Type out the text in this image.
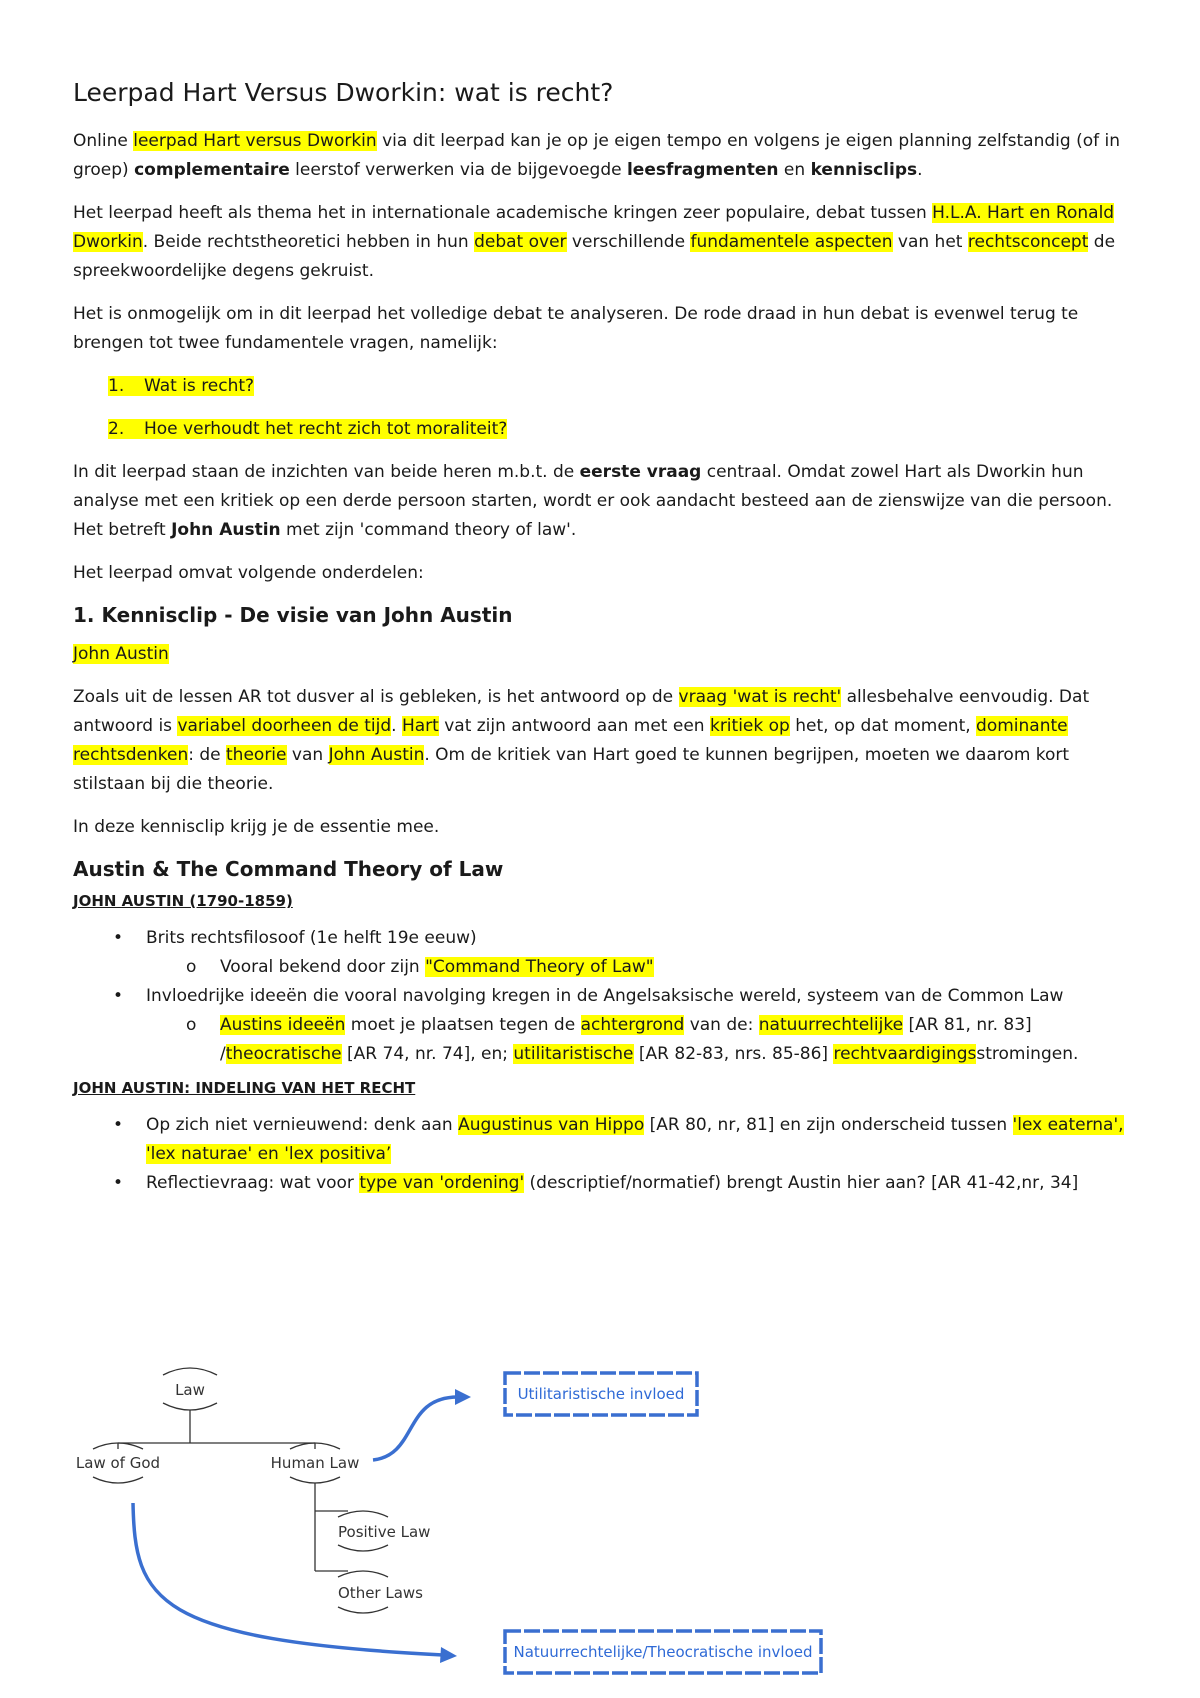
Leerpad Hart Versus Dworkin: wat is recht?

Online leerpad Hart versus Dworkin via dit leerpad kan je op je eigen tempo en volgens je eigen planning zelfstandig (of in groep) complementaire leerstof verwerken via de bijgevoegde leesfragmenten en kennisclips.

Het leerpad heeft als thema het in internationale academische kringen zeer populaire, debat tussen H.L.A. Hart en Ronald Dworkin. Beide rechtstheoretici hebben in hun debat over verschillende fundamentele aspecten van het rechtsconcept de spreekwoordelijke degens gekruist.

Het is onmogelijk om in dit leerpad het volledige debat te analyseren. De rode draad in hun debat is evenwel terug te brengen tot twee fundamentele vragen, namelijk:

1. Wat is recht?
2. Hoe verhoudt het recht zich tot moraliteit?

In dit leerpad staan de inzichten van beide heren m.b.t. de eerste vraag centraal. Omdat zowel Hart als Dworkin hun analyse met een kritiek op een derde persoon starten, wordt er ook aandacht besteed aan de zienswijze van die persoon. Het betreft John Austin met zijn 'command theory of law'.

Het leerpad omvat volgende onderdelen:

1. Kennisclip - De visie van John Austin
John Austin

Zoals uit de lessen AR tot dusver al is gebleken, is het antwoord op de vraag 'wat is recht' allesbehalve eenvoudig. Dat antwoord is variabel doorheen de tijd. Hart vat zijn antwoord aan met een kritiek op het, op dat moment, dominante rechtsdenken: de theorie van John Austin. Om de kritiek van Hart goed te kunnen begrijpen, moeten we daarom kort stilstaan bij die theorie.

In deze kennisclip krijg je de essentie mee.

Austin & The Command Theory of Law
JOHN AUSTIN (1790-1859)
• Brits rechtsfilosoof (1e helft 19e eeuw)
o Vooral bekend door zijn "Command Theory of Law"
• Invloedrijke ideeën die vooral navolging kregen in de Angelsaksische wereld, systeem van de Common Law
o Austins ideeën moet je plaatsen tegen de achtergrond van de: natuurrechtelijke [AR 81, nr. 83] /theocratische [AR 74, nr. 74], en; utilitaristische [AR 82-83, nrs. 85-86] rechtvaardigingsstromingen.
JOHN AUSTIN: INDELING VAN HET RECHT
• Op zich niet vernieuwend: denk aan Augustinus van Hippo [AR 80, nr, 81] en zijn onderscheid tussen 'lex eaterna', 'lex naturae' en 'lex positiva’
• Reflectievraag: wat voor type van 'ordening' (descriptief/normatief) brengt Austin hier aan? [AR 41-42,nr, 34]
Law
Law of God	Human Law
Positive Law
Other Laws
Utilitaristische invloed
Natuurrechtelijke/Theocratische invloed
